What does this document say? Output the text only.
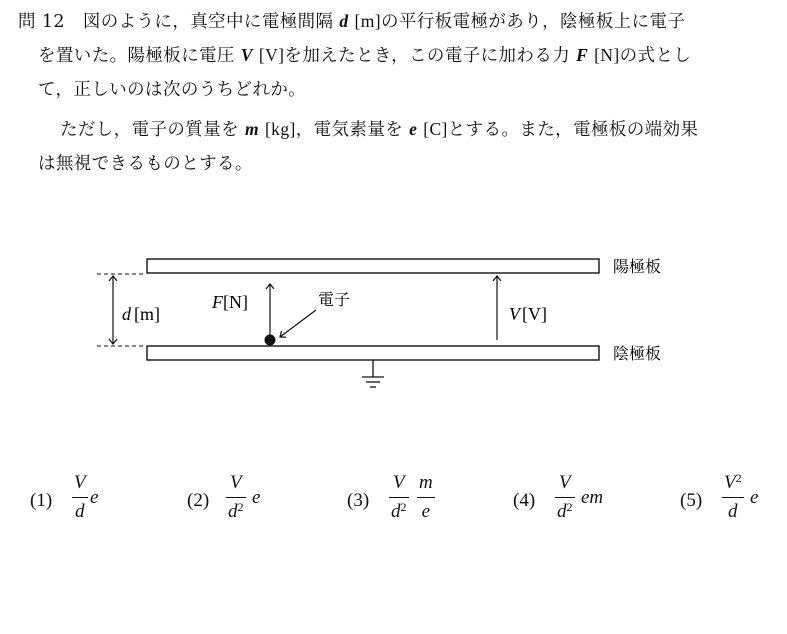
問 12 図のように，真空中に電極間隔 d [m]の平行板電極があり，陰極板上に電子
を置いた。陽極板に電圧 V [V]を加えたとき，この電子に加わる力 F [N]の式とし
て，正しいのは次のうちどれか。
ただし，電子の質量を m [kg]，電気素量を e [C]とする。また，電極板の端効果
は無視できるものとする。
d [m]
F[N]	電子
V [V]
陽極板
陰極板
(1)
V
d
e	(2)
V
$d^2$ e	(3)
V
$d^2$
m
e
(4)
V
$d^2$ em	(5)
$V^2$
d
e
